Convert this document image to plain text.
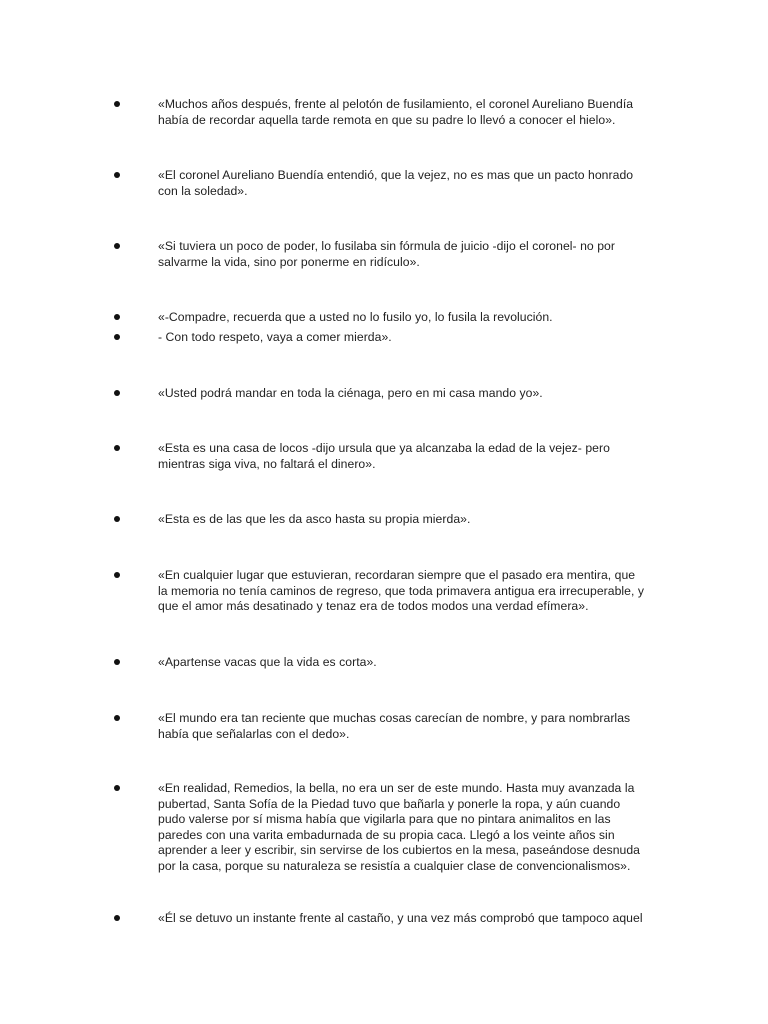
«Muchos años después, frente al pelotón de fusilamiento, el coronel Aureliano Buendía
había de recordar aquella tarde remota en que su padre lo llevó a conocer el hielo».
«El coronel Aureliano Buendía entendió, que la vejez, no es mas que un pacto honrado
con la soledad».
«Si tuviera un poco de poder, lo fusilaba sin fórmula de juicio -dijo el coronel- no por
salvarme la vida, sino por ponerme en ridículo».
«-Compadre, recuerda que a usted no lo fusilo yo, lo fusila la revolución.
- Con todo respeto, vaya a comer mierda».
«Usted podrá mandar en toda la ciénaga, pero en mi casa mando yo».
«Esta es una casa de locos -dijo ursula que ya alcanzaba la edad de la vejez- pero
mientras siga viva, no faltará el dinero».
«Esta es de las que les da asco hasta su propia mierda».
«En cualquier lugar que estuvieran, recordaran siempre que el pasado era mentira, que
la memoria no tenía caminos de regreso, que toda primavera antigua era irrecuperable, y
que el amor más desatinado y tenaz era de todos modos una verdad efímera».
«Apartense vacas que la vida es corta».
«El mundo era tan reciente que muchas cosas carecían de nombre, y para nombrarlas
había que señalarlas con el dedo».
«En realidad, Remedios, la bella, no era un ser de este mundo. Hasta muy avanzada la
pubertad, Santa Sofía de la Piedad tuvo que bañarla y ponerle la ropa, y aún cuando
pudo valerse por sí misma había que vigilarla para que no pintara animalitos en las
paredes con una varita embadurnada de su propia caca. Llegó a los veinte años sin
aprender a leer y escribir, sin servirse de los cubiertos en la mesa, paseándose desnuda
por la casa, porque su naturaleza se resistía a cualquier clase de convencionalismos».
«Él se detuvo un instante frente al castaño, y una vez más comprobó que tampoco aquel
